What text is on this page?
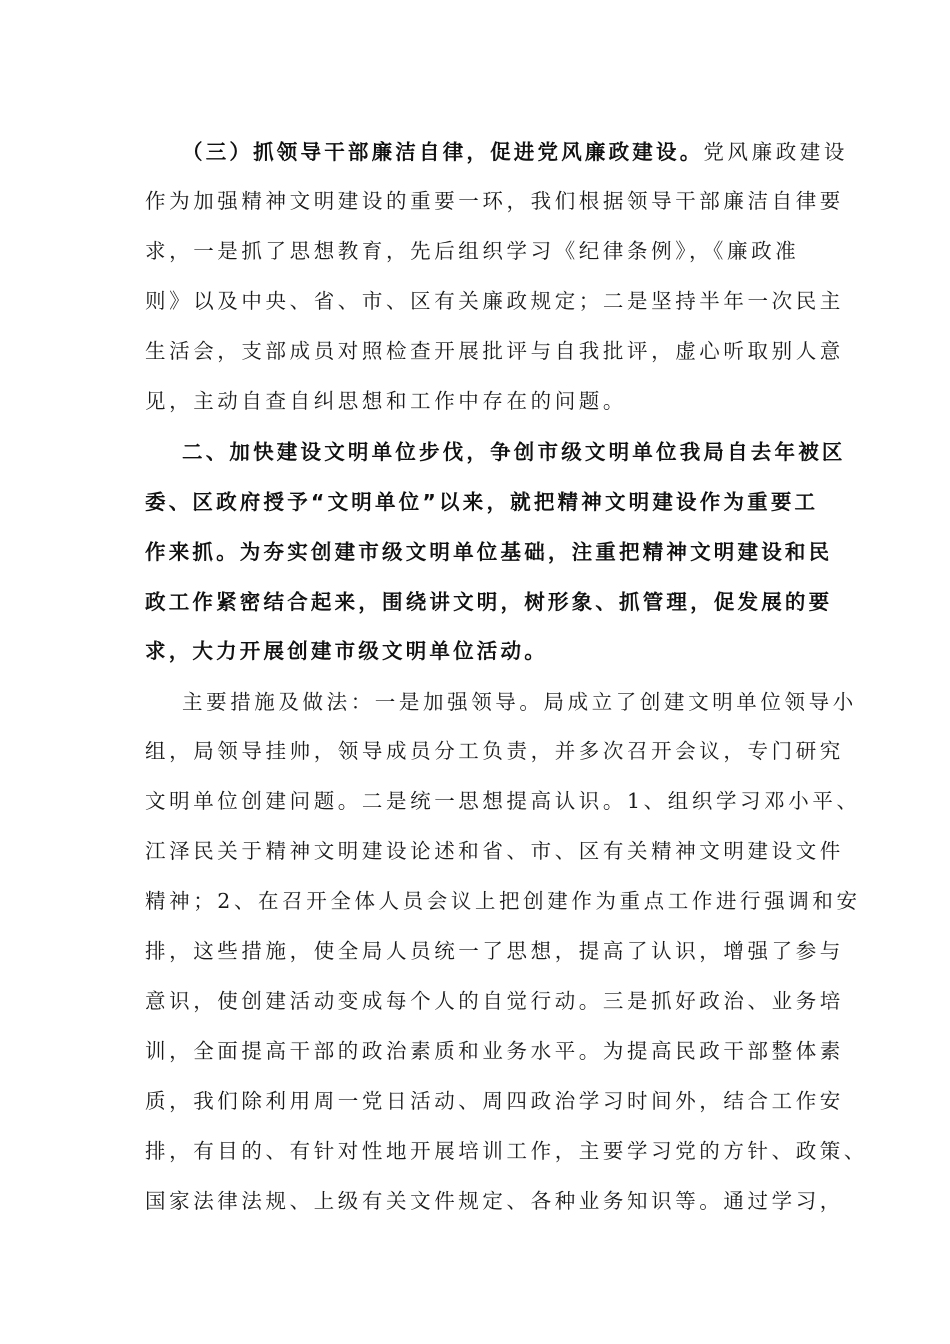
（三）抓领导干部廉洁自律，促进党风廉政建设。党风廉政建设

作为加强精神文明建设的重要一环，我们根据领导干部廉洁自律要

求，一是抓了思想教育，先后组织学习《纪律条例》，《廉政准

则》以及中央、省、市、区有关廉政规定；二是坚持半年一次民主

生活会，支部成员对照检查开展批评与自我批评，虚心听取别人意

见，主动自查自纠思想和工作中存在的问题。

二、加快建设文明单位步伐，争创市级文明单位我局自去年被区

委、区政府授予“文明单位”以来，就把精神文明建设作为重要工

作来抓。为夯实创建市级文明单位基础，注重把精神文明建设和民

政工作紧密结合起来，围绕讲文明，树形象、抓管理，促发展的要

求，大力开展创建市级文明单位活动。

主要措施及做法：一是加强领导。局成立了创建文明单位领导小

组，局领导挂帅，领导成员分工负责，并多次召开会议，专门研究

文明单位创建问题。二是统一思想提高认识。1、组织学习邓小平、

江泽民关于精神文明建设论述和省、市、区有关精神文明建设文件

精神；2、在召开全体人员会议上把创建作为重点工作进行强调和安

排，这些措施，使全局人员统一了思想，提高了认识，增强了参与

意识，使创建活动变成每个人的自觉行动。三是抓好政治、业务培

训，全面提高干部的政治素质和业务水平。为提高民政干部整体素

质，我们除利用周一党日活动、周四政治学习时间外，结合工作安

排，有目的、有针对性地开展培训工作，主要学习党的方针、政策、

国家法律法规、上级有关文件规定、各种业务知识等。通过学习，
